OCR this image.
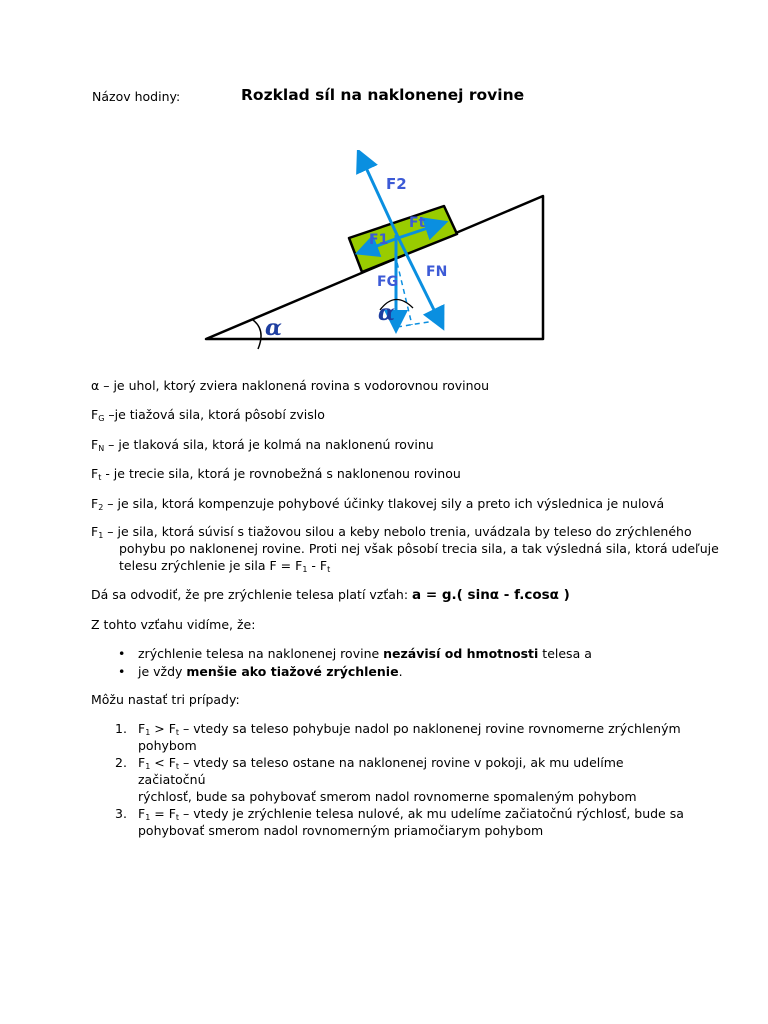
Názov hodiny:	Rozklad síl na naklonenej rovine
F2
Ft
F1
FG
FN
α
α
α – je uhol, ktorý zviera naklonená rovina s vodorovnou rovinou
$F_G$ –je tiažová sila, ktorá pôsobí zvislo
$F_N$ – je tlaková sila, ktorá je kolmá na naklonenú rovinu
$F_t$ - je trecie sila, ktorá je rovnobežná s naklonenou rovinou
$F_2$ – je sila, ktorá kompenzuje pohybové účinky tlakovej sily a preto ich výslednica je nulová
$F_1$ – je sila, ktorá súvisí s tiažovou silou a keby nebolo trenia, uvádzala by teleso do zrýchleného
pohybu po naklonenej rovine. Proti nej však pôsobí trecia sila, a tak výsledná sila, ktorá udeľuje
telesu zrýchlenie je sila $F = F_1 - F_t$
Dá sa odvodiť, že pre zrýchlenie telesa platí vzťah: a = g.( sinα - f.cosα )
Z tohto vzťahu vidíme, že:
• zrýchlenie telesa na naklonenej rovine nezávisí od hmotnosti telesa a
• je vždy menšie ako tiažové zrýchlenie.
Môžu nastať tri prípady:
1. $F_1 > F_t$ – vtedy sa teleso pohybuje nadol po naklonenej rovine rovnomerne zrýchleným
pohybom
2. $F_1 < F_t$ – vtedy sa teleso ostane na naklonenej rovine v pokoji, ak mu udelíme začiatočnú
rýchlosť, bude sa pohybovať smerom nadol rovnomerne spomaleným pohybom
3. $F_1 = F_t$ – vtedy je zrýchlenie telesa nulové, ak mu udelíme začiatočnú rýchlosť, bude sa
pohybovať smerom nadol rovnomerným priamočiarym pohybom
